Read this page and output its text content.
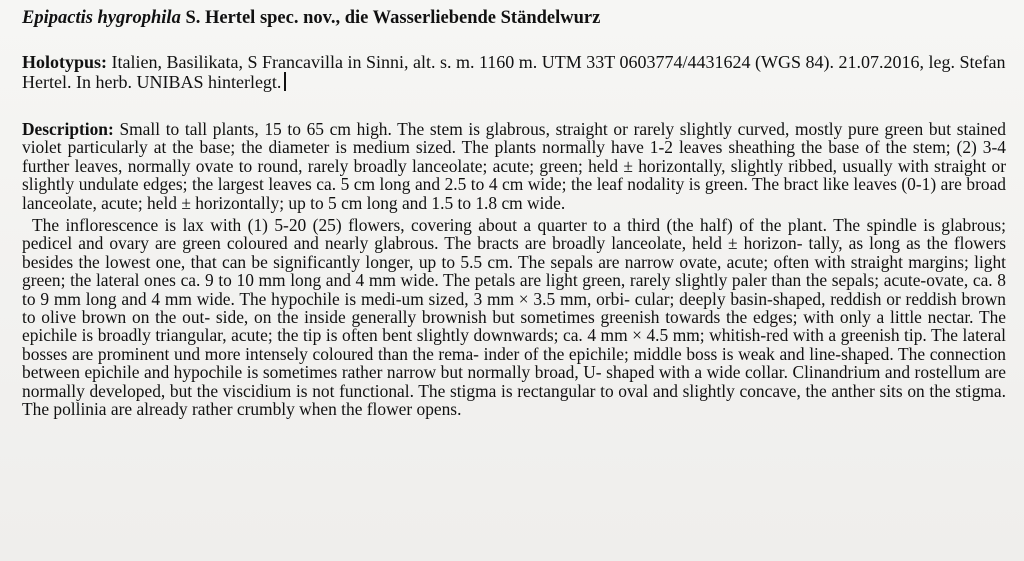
Epipactis hygrophila S. Hertel spec. nov., die Wasserliebende Ständelwurz
Holotypus: Italien, Basilikata, S Francavilla in Sinni, alt. s. m. 1160 m. UTM 33T 0603774/4431624 (WGS 84). 21.07.2016, leg. Stefan Hertel. In herb. UNIBAS hinterlegt.
Description: Small to tall plants, 15 to 65 cm high. The stem is glabrous, straight or rarely slightly curved, mostly pure green but stained violet particularly at the base; the diameter is medium sized. The plants normally have 1-2 leaves sheathing the base of the stem; (2) 3-4 further leaves, normally ovate to round, rarely broadly lanceolate; acute; green; held ± horizontally, slightly ribbed, usually with straight or slightly undulate edges; the largest leaves ca. 5 cm long and 2.5 to 4 cm wide; the leaf nodality is green. The bract like leaves (0-1) are broad lanceolate, acute; held ± horizontally; up to 5 cm long and 1.5 to 1.8 cm wide.
The inflorescence is lax with (1) 5-20 (25) flowers, covering about a quarter to a third (the half) of the plant. The spindle is glabrous; pedicel and ovary are green coloured and nearly glabrous. The bracts are broadly lanceolate, held ± horizon- tally, as long as the flowers besides the lowest one, that can be significantly longer, up to 5.5 cm. The sepals are narrow ovate, acute; often with straight margins; light green; the lateral ones ca. 9 to 10 mm long and 4 mm wide. The petals are light green, rarely slightly paler than the sepals; acute-ovate, ca. 8 to 9 mm long and 4 mm wide. The hypochile is medi-um sized, 3 mm × 3.5 mm, orbi- cular; deeply basin-shaped, reddish or reddish brown to olive brown on the out- side, on the inside generally brownish but sometimes greenish towards the edges; with only a little nectar. The epichile is broadly triangular, acute; the tip is often bent slightly downwards; ca. 4 mm × 4.5 mm; whitish-red with a greenish tip. The lateral bosses are prominent und more intensely coloured than the rema- inder of the epichile; middle boss is weak and line-shaped. The connection between epichile and hypochile is sometimes rather narrow but normally broad, U- shaped with a wide collar. Clinandrium and rostellum are normally developed, but the viscidium is not functional. The stigma is rectangular to oval and slightly concave, the anther sits on the stigma. The pollinia are already rather crumbly when the flower opens.
